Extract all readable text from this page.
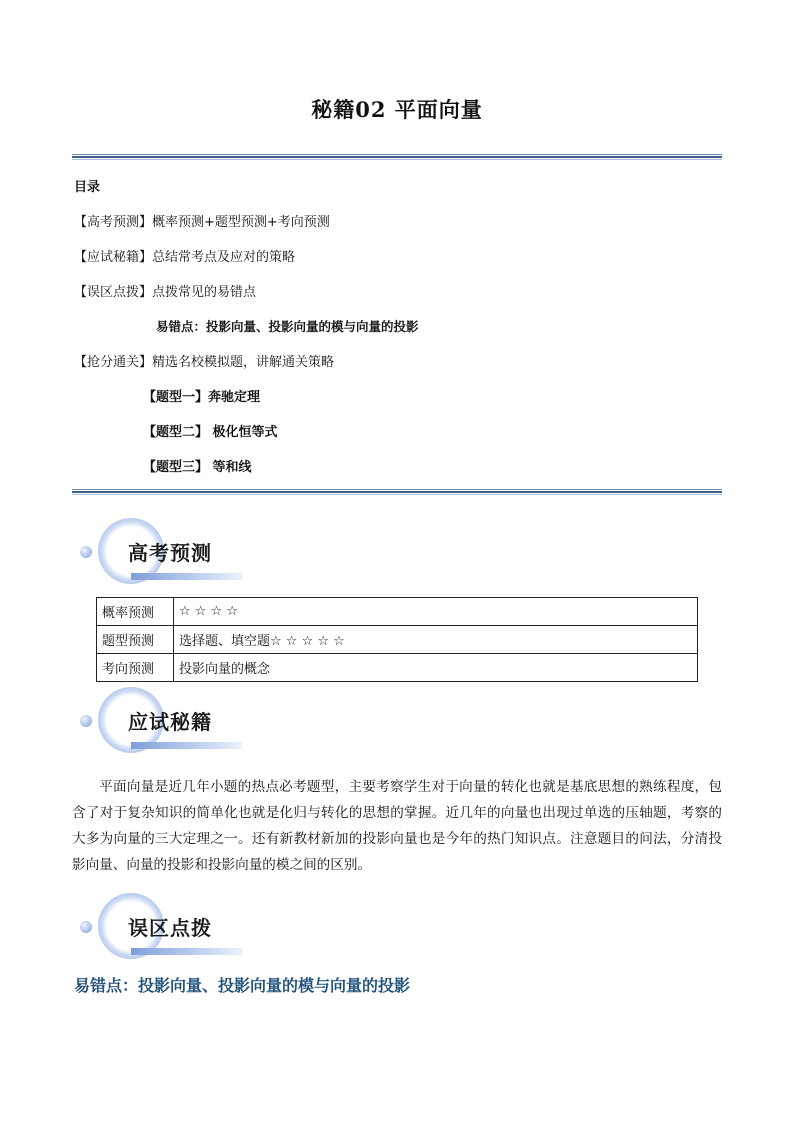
秘籍02 平面向量
目录
【高考预测】概率预测+题型预测+考向预测
【应试秘籍】总结常考点及应对的策略
【误区点拨】点拨常见的易错点
易错点：投影向量、投影向量的模与向量的投影
【抢分通关】精选名校模拟题，讲解通关策略
【题型一】奔驰定理
【题型二】 极化恒等式
【题型三】 等和线
高考预测
概率预测	☆ ☆ ☆ ☆
题型预测	选择题、填空题☆ ☆ ☆ ☆ ☆
考向预测	投影向量的概念
应试秘籍
平面向量是近几年小题的热点必考题型，主要考察学生对于向量的转化也就是基底思想的熟练程度，包含了对于复杂知识的简单化也就是化归与转化的思想的掌握。近几年的向量也出现过单选的压轴题，考察的大多为向量的三大定理之一。还有新教材新加的投影向量也是今年的热门知识点。注意题目的问法，分清投影向量、向量的投影和投影向量的模之间的区别。
误区点拨
易错点：投影向量、投影向量的模与向量的投影
